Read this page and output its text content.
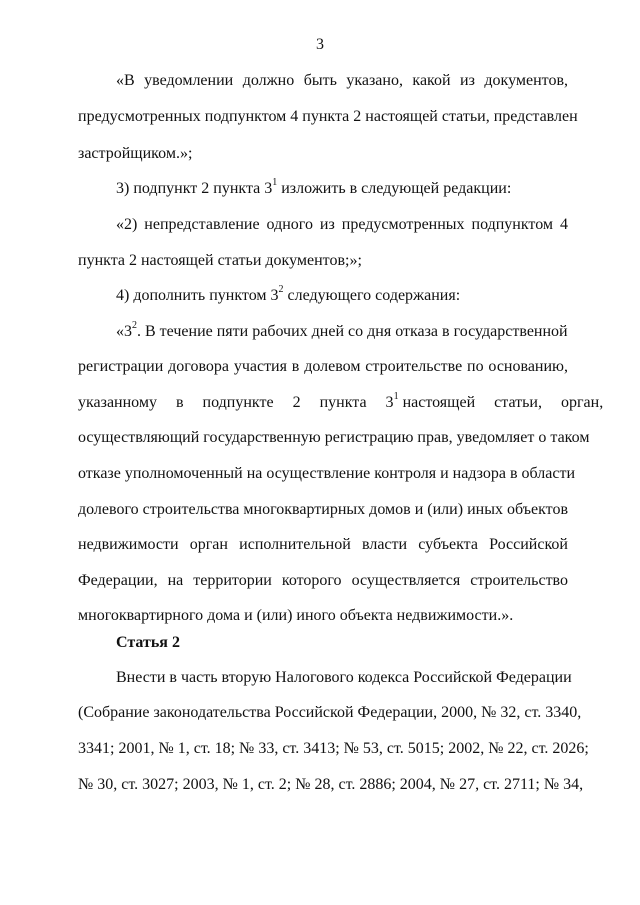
3
«В уведомлении должно быть указано, какой из документов,
предусмотренных подпунктом 4 пункта 2 настоящей статьи, представлен
застройщиком.»;
3) подпункт 2 пункта $3^1$ изложить в следующей редакции:
«2) непредставление одного из предусмотренных подпунктом 4
пункта 2 настоящей статьи документов;»;
4) дополнить пунктом $3^2$ следующего содержания:
«$3^2$. В течение пяти рабочих дней со дня отказа в государственной
регистрации договора участия в долевом строительстве по основанию,
указанному в подпункте 2 пункта $3^1$ настоящей статьи, орган,
осуществляющий государственную регистрацию прав, уведомляет о таком
отказе уполномоченный на осуществление контроля и надзора в области
долевого строительства многоквартирных домов и (или) иных объектов
недвижимости орган исполнительной власти субъекта Российской
Федерации, на территории которого осуществляется строительство
многоквартирного дома и (или) иного объекта недвижимости.».
Статья 2
Внести в часть вторую Налогового кодекса Российской Федерации
(Собрание законодательства Российской Федерации, 2000, № 32, ст. 3340,
3341; 2001, № 1, ст. 18; № 33, ст. 3413; № 53, ст. 5015; 2002, № 22, ст. 2026;
№ 30, ст. 3027; 2003, № 1, ст. 2; № 28, ст. 2886; 2004, № 27, ст. 2711; № 34,
